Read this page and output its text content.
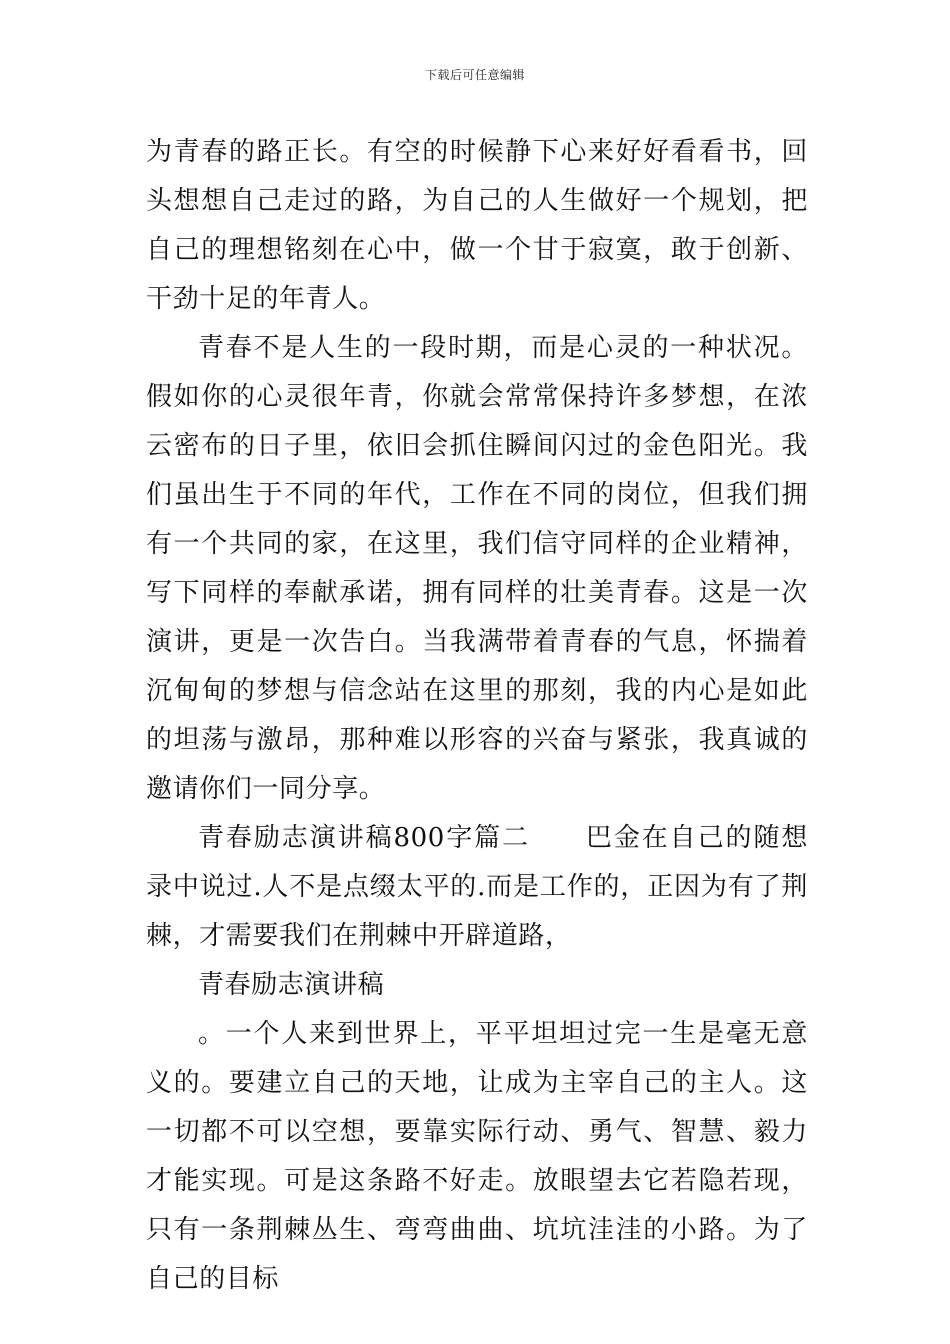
下载后可任意编辑

为青春的路正长。有空的时候静下心来好好看看书，回头想想自己走过的路，为自己的人生做好一个规划，把自己的理想铭刻在心中，做一个甘于寂寞，敢于创新、干劲十足的年青人。

青春不是人生的一段时期，而是心灵的一种状况。假如你的心灵很年青，你就会常常保持许多梦想，在浓云密布的日子里，依旧会抓住瞬间闪过的金色阳光。我们虽出生于不同的年代，工作在不同的岗位，但我们拥有一个共同的家，在这里，我们信守同样的企业精神，写下同样的奉献承诺，拥有同样的壮美青春。这是一次演讲，更是一次告白。当我满带着青春的气息，怀揣着沉甸甸的梦想与信念站在这里的那刻，我的内心是如此的坦荡与激昂，那种难以形容的兴奋与紧张，我真诚的邀请你们一同分享。

青春励志演讲稿800字篇二　　巴金在自己的随想录中说过.人不是点缀太平的.而是工作的，正因为有了荆棘，才需要我们在荆棘中开辟道路，

青春励志演讲稿

。一个人来到世界上，平平坦坦过完一生是毫无意义的。要建立自己的天地，让成为主宰自己的主人。这一切都不可以空想，要靠实际行动、勇气、智慧、毅力才能实现。可是这条路不好走。放眼望去它若隐若现，只有一条荆棘丛生、弯弯曲曲、坑坑洼洼的小路。为了自己的目标
